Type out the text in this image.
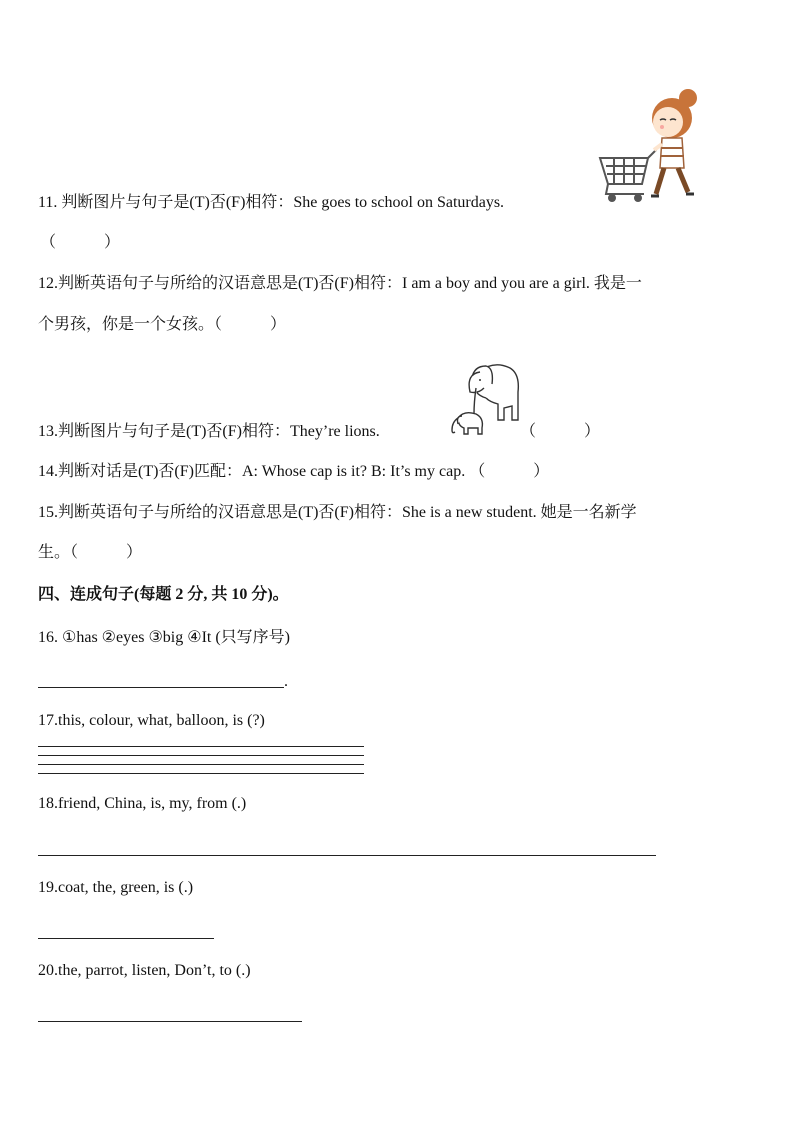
11. 判断图片与句子是(T)否(F)相符：She goes to school on Saturdays.
（　　　）
12.判断英语句子与所给的汉语意思是(T)否(F)相符：I am a boy and you are a girl. 我是一
个男孩，你是一个女孩。（　　　）
13.判断图片与句子是(T)否(F)相符：They’re lions.	（　　　）
14.判断对话是(T)否(F)匹配：A: Whose cap is it? B: It’s my cap. （　　　）
15.判断英语句子与所给的汉语意思是(T)否(F)相符：She is a new student. 她是一名新学
生。（　　　）
四、连成句子(每题 2 分, 共 10 分)。
16. ①has ②eyes ③big ④It (只写序号)
.
17.this, colour, what, balloon, is (?)
18.friend, China, is, my, from (.)
19.coat, the, green, is (.)
20.the, parrot, listen, Don’t, to (.)
